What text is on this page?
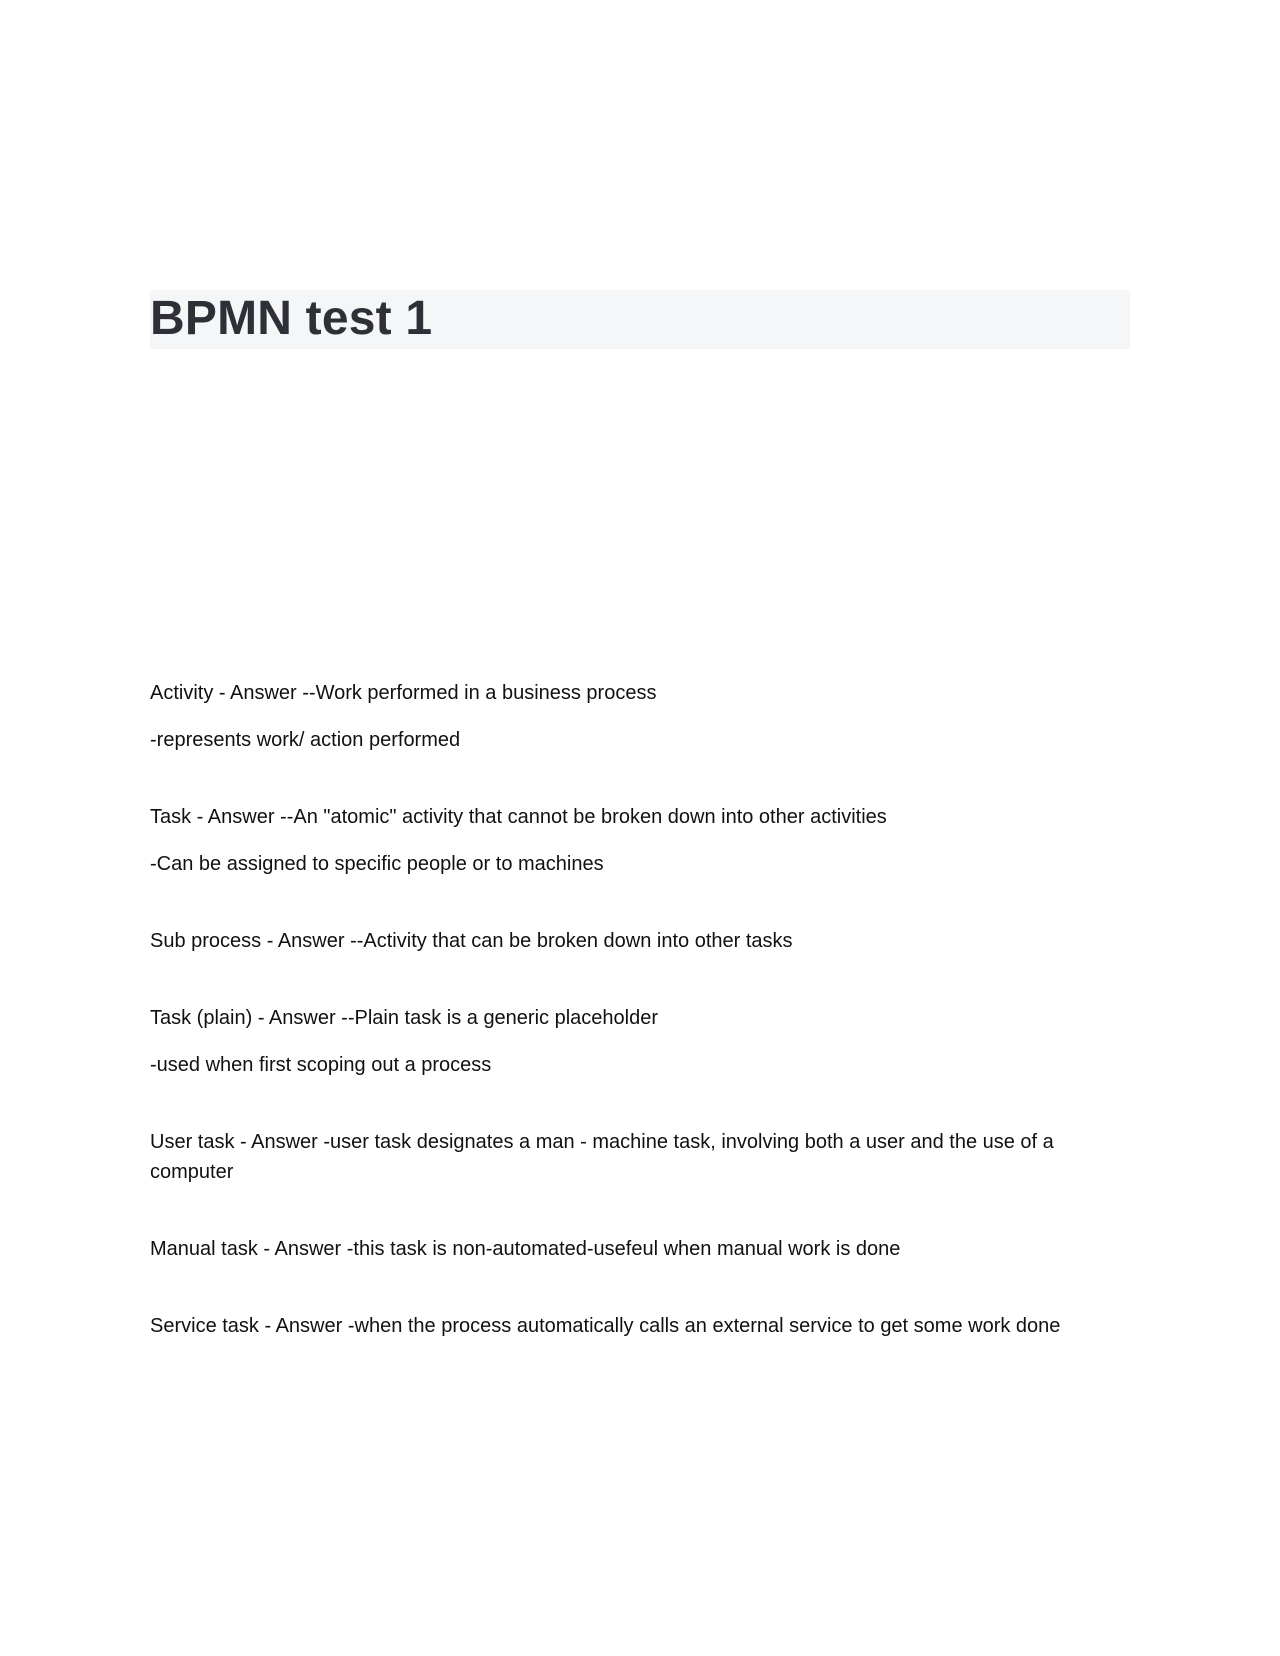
BPMN test 1
Activity - Answer --Work performed in a business process
-represents work/ action performed
Task - Answer --An "atomic" activity that cannot be broken down into other activities
-Can be assigned to specific people or to machines
Sub process - Answer --Activity that can be broken down into other tasks
Task (plain) - Answer --Plain task is a generic placeholder
-used when first scoping out a process
User task - Answer -user task designates a man - machine task, involving both a user and the use of a computer
Manual task - Answer -this task is non-automated-usefeul when manual work is done
Service task - Answer -when the process automatically calls an external service to get some work done
